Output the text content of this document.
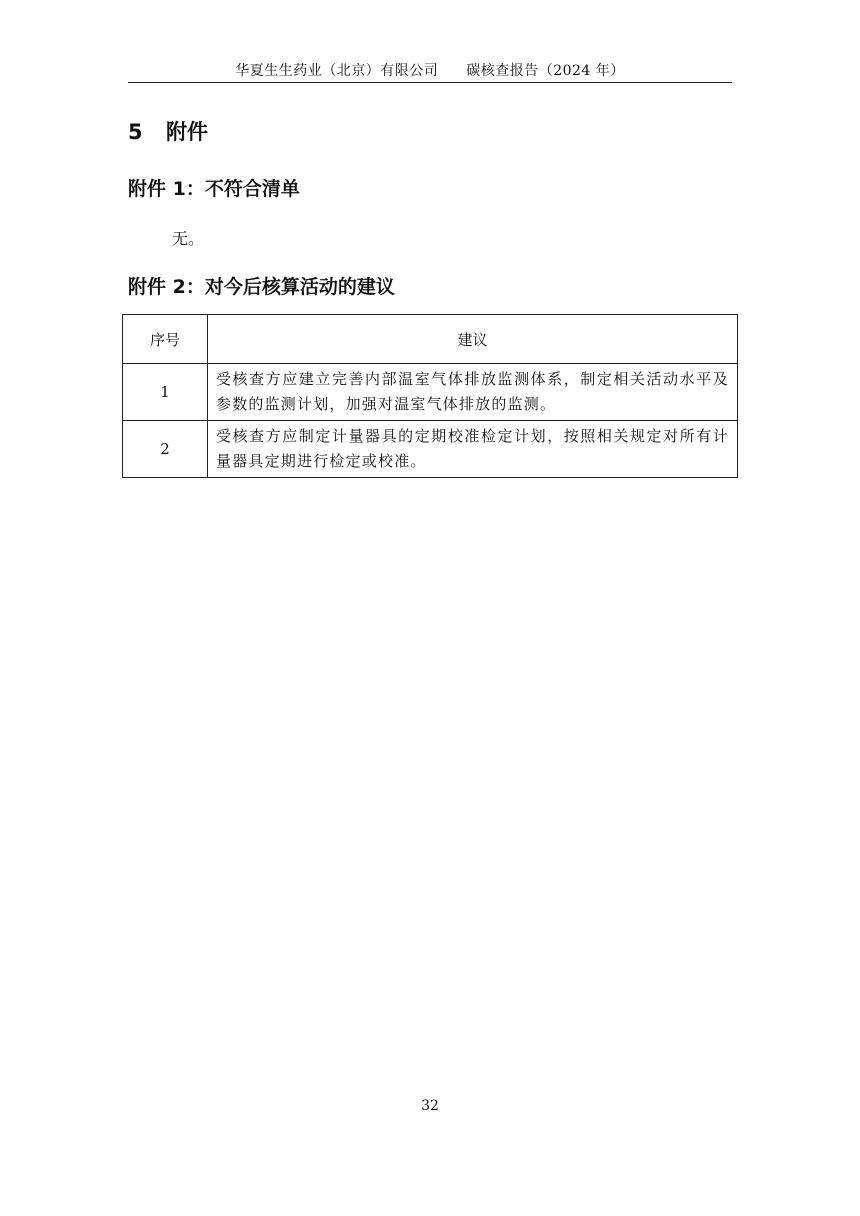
华夏生生药业（北京）有限公司 碳核查报告（2024 年）
5 附件
附件 1：不符合清单
无。
附件 2：对今后核算活动的建议
序号	建议
1	受核查方应建立完善内部温室气体排放监测体系，制定相关活动水平及参数的监测计划，加强对温室气体排放的监测。
2	受核查方应制定计量器具的定期校准检定计划，按照相关规定对所有计量器具定期进行检定或校准。
32
